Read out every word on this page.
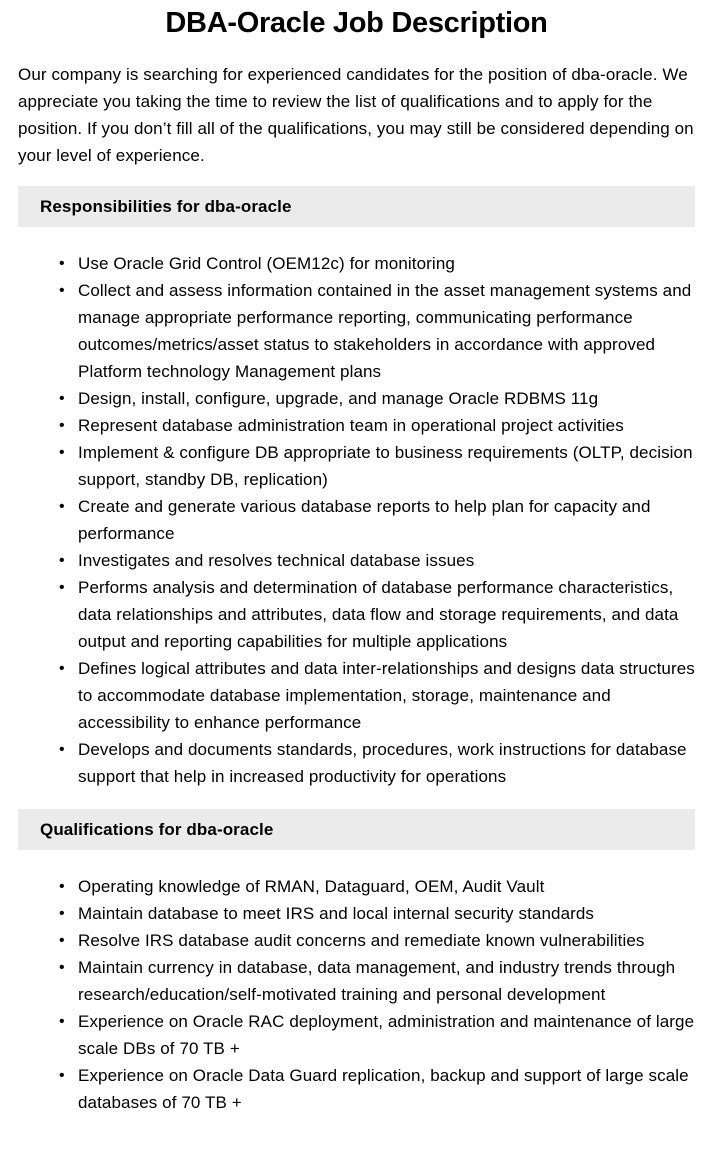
DBA-Oracle Job Description

Our company is searching for experienced candidates for the position of dba-oracle. We appreciate you taking the time to review the list of qualifications and to apply for the position. If you don’t fill all of the qualifications, you may still be considered depending on your level of experience.

Responsibilities for dba-oracle
• Use Oracle Grid Control (OEM12c) for monitoring
• Collect and assess information contained in the asset management systems and manage appropriate performance reporting, communicating performance outcomes/metrics/asset status to stakeholders in accordance with approved Platform technology Management plans
• Design, install, configure, upgrade, and manage Oracle RDBMS 11g
• Represent database administration team in operational project activities
• Implement & configure DB appropriate to business requirements (OLTP, decision support, standby DB, replication)
• Create and generate various database reports to help plan for capacity and performance
• Investigates and resolves technical database issues
• Performs analysis and determination of database performance characteristics, data relationships and attributes, data flow and storage requirements, and data output and reporting capabilities for multiple applications
• Defines logical attributes and data inter-relationships and designs data structures to accommodate database implementation, storage, maintenance and accessibility to enhance performance
• Develops and documents standards, procedures, work instructions for database support that help in increased productivity for operations
Qualifications for dba-oracle
• Operating knowledge of RMAN, Dataguard, OEM, Audit Vault
• Maintain database to meet IRS and local internal security standards
• Resolve IRS database audit concerns and remediate known vulnerabilities
• Maintain currency in database, data management, and industry trends through research/education/self-motivated training and personal development
• Experience on Oracle RAC deployment, administration and maintenance of large scale DBs of 70 TB +
• Experience on Oracle Data Guard replication, backup and support of large scale databases of 70 TB +
